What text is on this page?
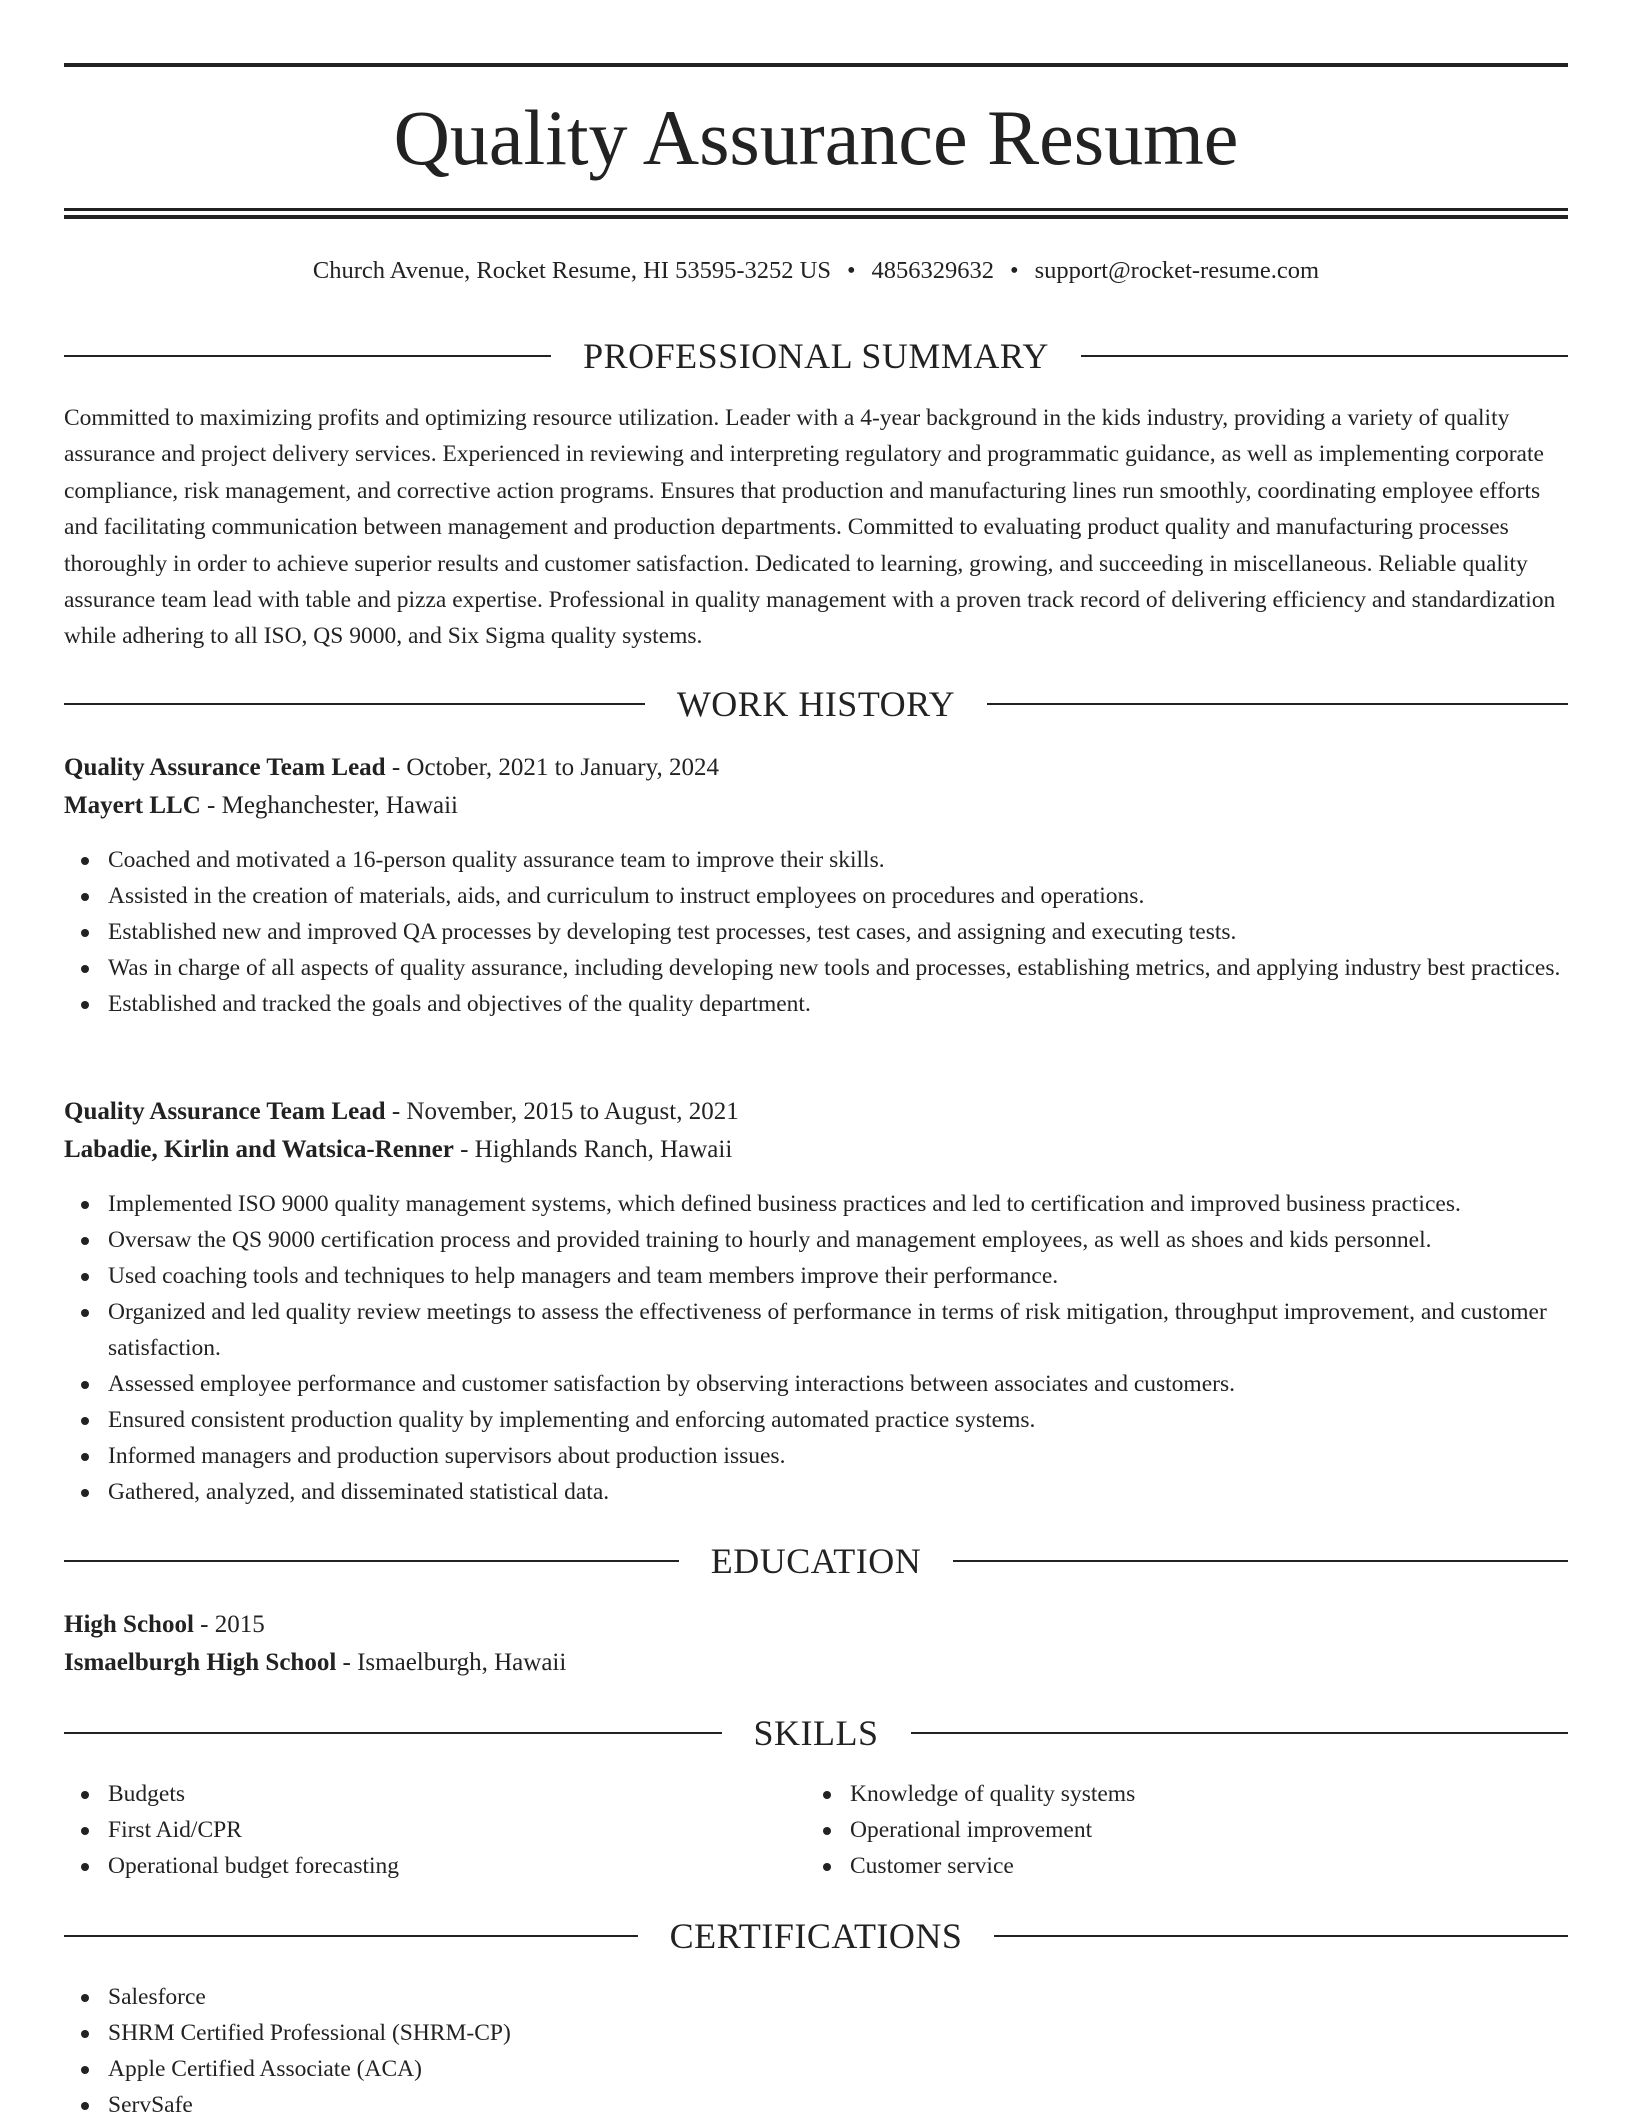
Quality Assurance Resume
Church Avenue, Rocket Resume, HI 53595-3252 US • 4856329632 • support@rocket-resume.com
PROFESSIONAL SUMMARY

Committed to maximizing profits and optimizing resource utilization. Leader with a 4-year background in the kids industry, providing a variety of quality assurance and project delivery services. Experienced in reviewing and interpreting regulatory and programmatic guidance, as well as implementing corporate compliance, risk management, and corrective action programs. Ensures that production and manufacturing lines run smoothly, coordinating employee efforts and facilitating communication between management and production departments. Committed to evaluating product quality and manufacturing processes thoroughly in order to achieve superior results and customer satisfaction. Dedicated to learning, growing, and succeeding in miscellaneous. Reliable quality assurance team lead with table and pizza expertise. Professional in quality management with a proven track record of delivering efficiency and standardization while adhering to all ISO, QS 9000, and Six Sigma quality systems.

WORK HISTORY
Quality Assurance Team Lead - October, 2021 to January, 2024
Mayert LLC - Meghanchester, Hawaii
Coached and motivated a 16-person quality assurance team to improve their skills.
Assisted in the creation of materials, aids, and curriculum to instruct employees on procedures and operations.
Established new and improved QA processes by developing test processes, test cases, and assigning and executing tests.
Was in charge of all aspects of quality assurance, including developing new tools and processes, establishing metrics, and applying industry best practices.
Established and tracked the goals and objectives of the quality department.
Quality Assurance Team Lead - November, 2015 to August, 2021
Labadie, Kirlin and Watsica-Renner - Highlands Ranch, Hawaii
Implemented ISO 9000 quality management systems, which defined business practices and led to certification and improved business practices.
Oversaw the QS 9000 certification process and provided training to hourly and management employees, as well as shoes and kids personnel.
Used coaching tools and techniques to help managers and team members improve their performance.
Organized and led quality review meetings to assess the effectiveness of performance in terms of risk mitigation, throughput improvement, and customer satisfaction.
Assessed employee performance and customer satisfaction by observing interactions between associates and customers.
Ensured consistent production quality by implementing and enforcing automated practice systems.
Informed managers and production supervisors about production issues.
Gathered, analyzed, and disseminated statistical data.
EDUCATION
High School - 2015
Ismaelburgh High School - Ismaelburgh, Hawaii
SKILLS
Budgets
First Aid/CPR
Operational budget forecasting
Knowledge of quality systems
Operational improvement
Customer service
CERTIFICATIONS
Salesforce
SHRM Certified Professional (SHRM-CP)
Apple Certified Associate (ACA)
ServSafe
